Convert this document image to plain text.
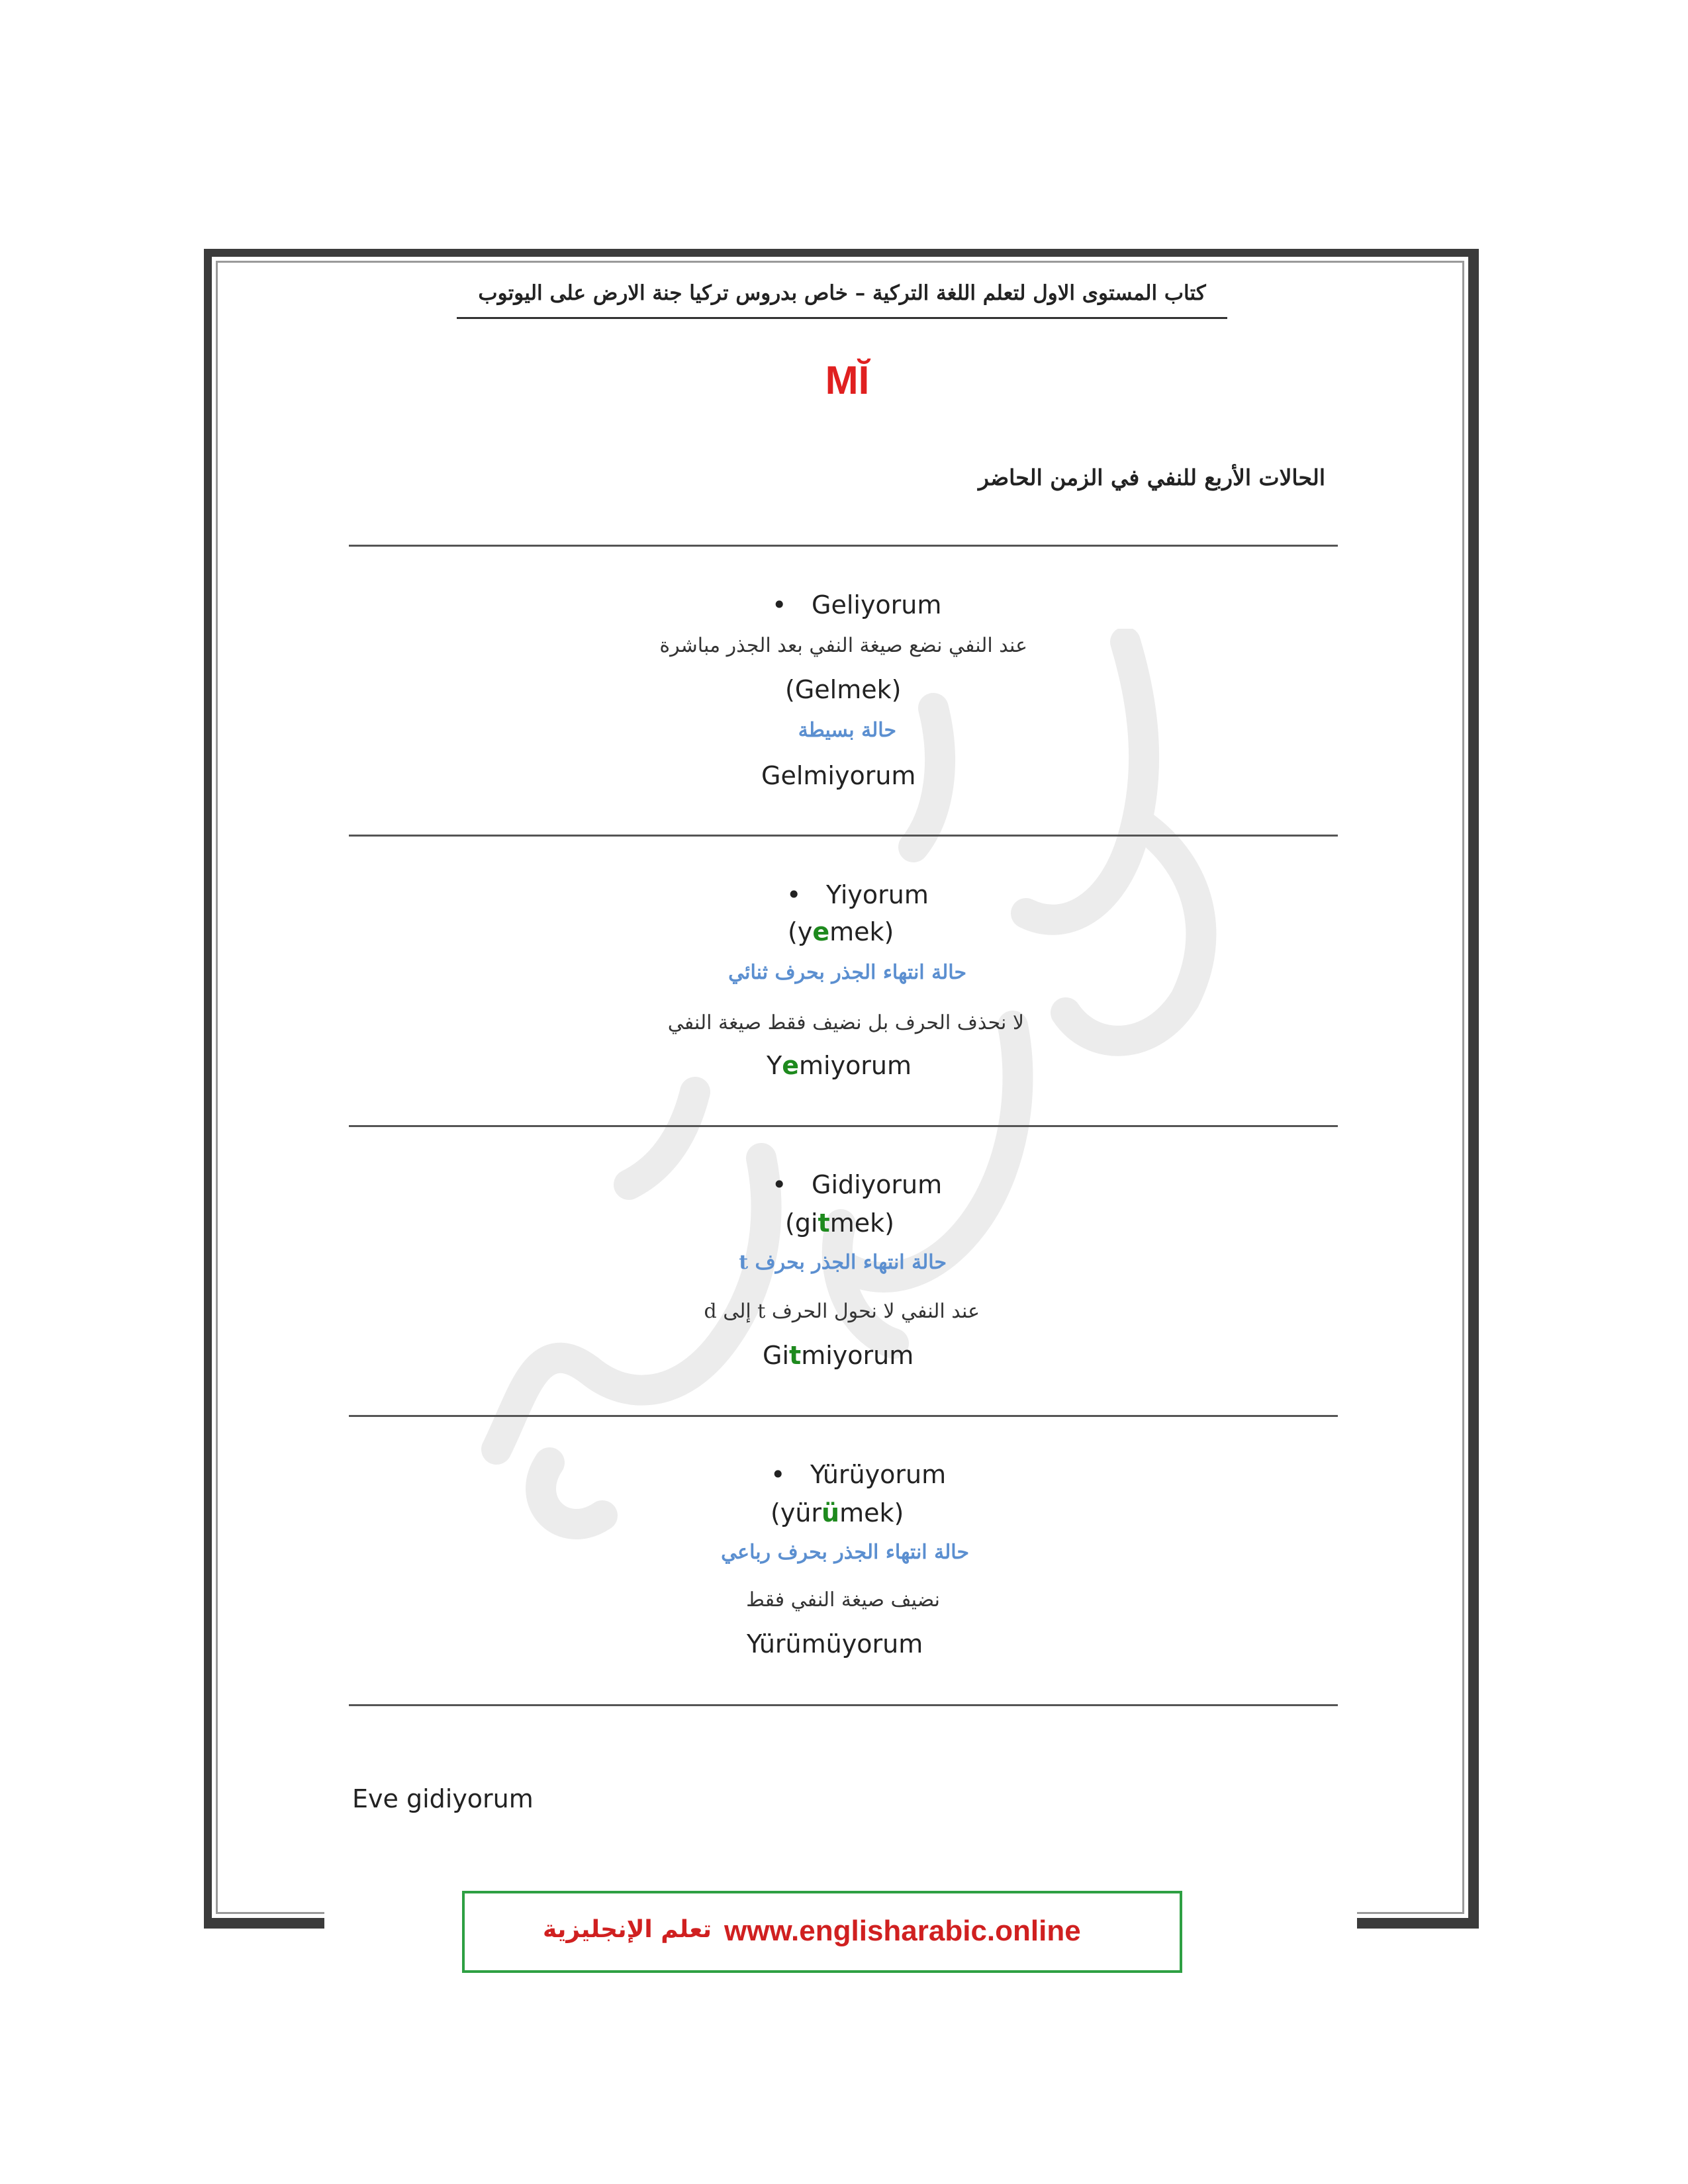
كتاب المستوى الاول لتعلم اللغة التركية – خاص بدروس تركيا جنة الارض على اليوتوب
MĬ
الحالات الأربع للنفي في الزمن الحاضر
• Geliyorum
عند النفي نضع صيغة النفي بعد الجذر مباشرة
(Gelmek)
حالة بسيطة
Gelmiyorum
• Yiyorum
(yemek)
حالة انتهاء الجذر بحرف ثنائي
لا نحذف الحرف بل نضيف فقط صيغة النفي
Yemiyorum
• Gidiyorum
(gitmek)
حالة انتهاء الجذر بحرف t
عند النفي لا نحول الحرف t إلى d
Gitmiyorum
• Yürüyorum
(yürümek)
حالة انتهاء الجذر بحرف رباعي
نضيف صيغة النفي فقط
Yürümüyorum
Eve gidiyorum
تعلم الإنجليزية www.englisharabic.online
